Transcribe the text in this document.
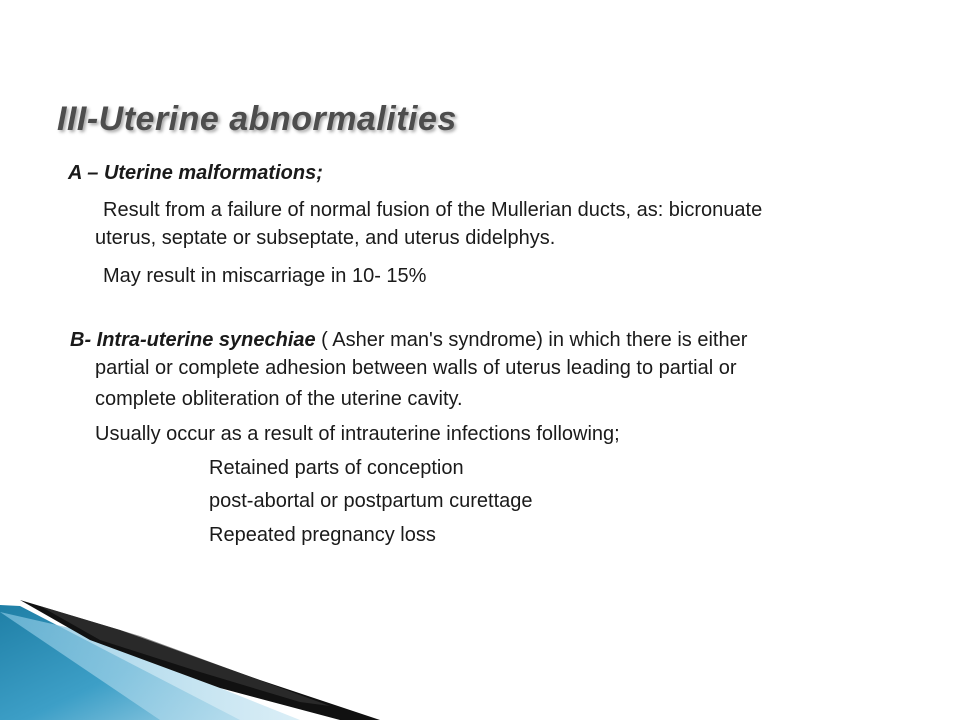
III-Uterine abnormalities

A – Uterine malformations;

Result from a failure of normal fusion of the Mullerian ducts, as: bicronuate

uterus, septate or subseptate, and uterus didelphys.

May result in miscarriage in 10- 15%

B- Intra-uterine synechiae ( Asher man's syndrome) in which there is either

partial or complete adhesion between walls of uterus leading to partial or

complete obliteration of the uterine cavity.

Usually occur as a result of intrauterine infections following;

Retained parts of conception

post-abortal or postpartum curettage

Repeated pregnancy loss
